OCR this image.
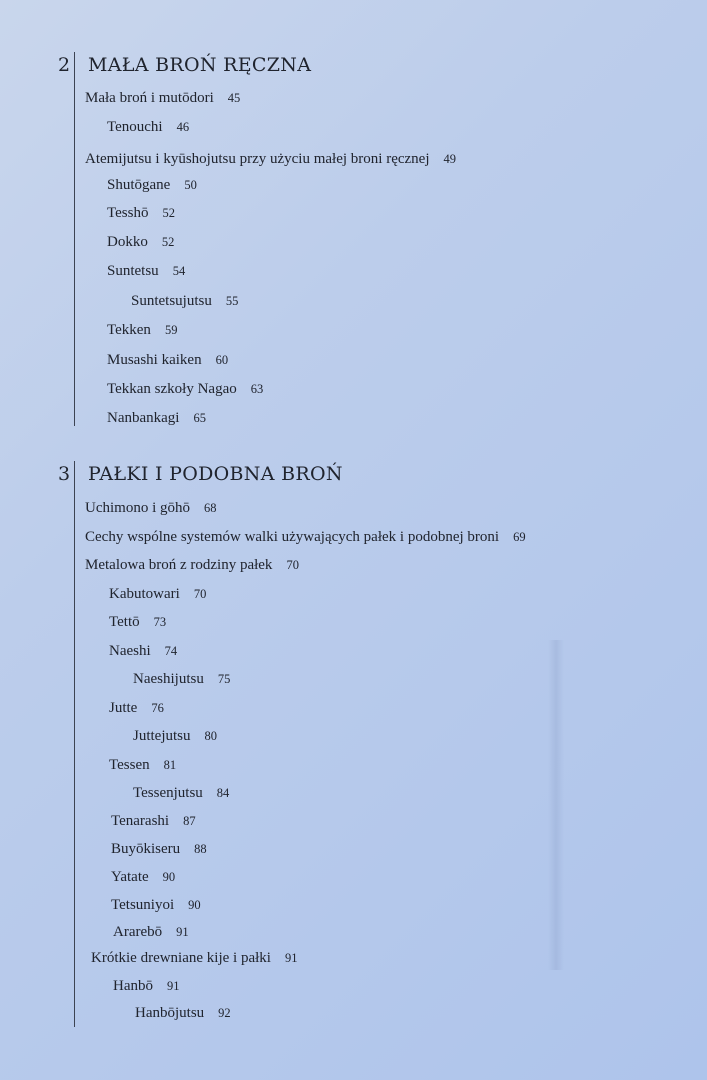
2 MAŁA BROŃ RĘCZNA
Mała broń i mutōdori 45
Tenouchi 46
Atemijutsu i kyūshojutsu przy użyciu małej broni ręcznej 49
Shutōgane 50
Tesshō 52
Dokko 52
Suntetsu 54
Suntetsujutsu 55
Tekken 59
Musashi kaiken 60
Tekkan szkoły Nagao 63
Nanbankagi 65
3 PAŁKI I PODOBNA BROŃ
Uchimono i gōhō 68
Cechy wspólne systemów walki używających pałek i podobnej broni 69
Metalowa broń z rodziny pałek 70
Kabutowari 70
Tettō 73
Naeshi 74
Naeshijutsu 75
Jutte 76
Juttejutsu 80
Tessen 81
Tessenjutsu 84
Tenarashi 87
Buyōkiseru 88
Yatate 90
Tetsuniyoi 90
Ararebō 91
Krótkie drewniane kije i pałki 91
Hanbō 91
Hanbōjutsu 92
